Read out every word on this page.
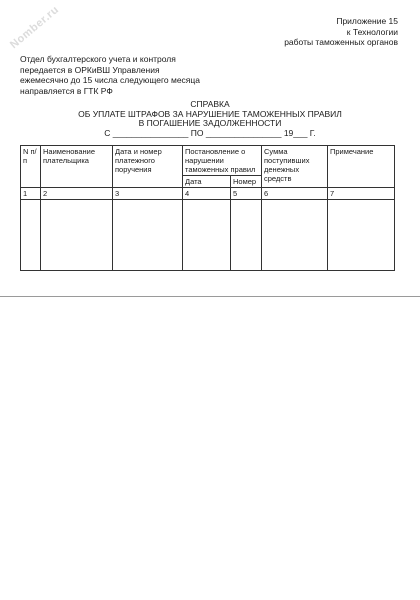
Приложение 15
к Технологии
работы таможенных органов
Nomber.ru
Отдел бухгалтерского учета и контроля
передается в ОРКиВШ Управления
ежемесячно до 15 числа следующего месяца
направляется в ГТК РФ
СПРАВКА
ОБ УПЛАТЕ ШТРАФОВ ЗА НАРУШЕНИЕ ТАМОЖЕННЫХ ПРАВИЛ
В ПОГАШЕНИЕ ЗАДОЛЖЕННОСТИ
С ________________ ПО ________________ 19___ Г.
N п/п	Наименование плательщика	Дата и номер платежного поручения	Постановление о нарушении таможенных правил		Сумма поступивших денежных средств	Примечание
			Дата	Номер		
1	2	3	4	5	6	7
